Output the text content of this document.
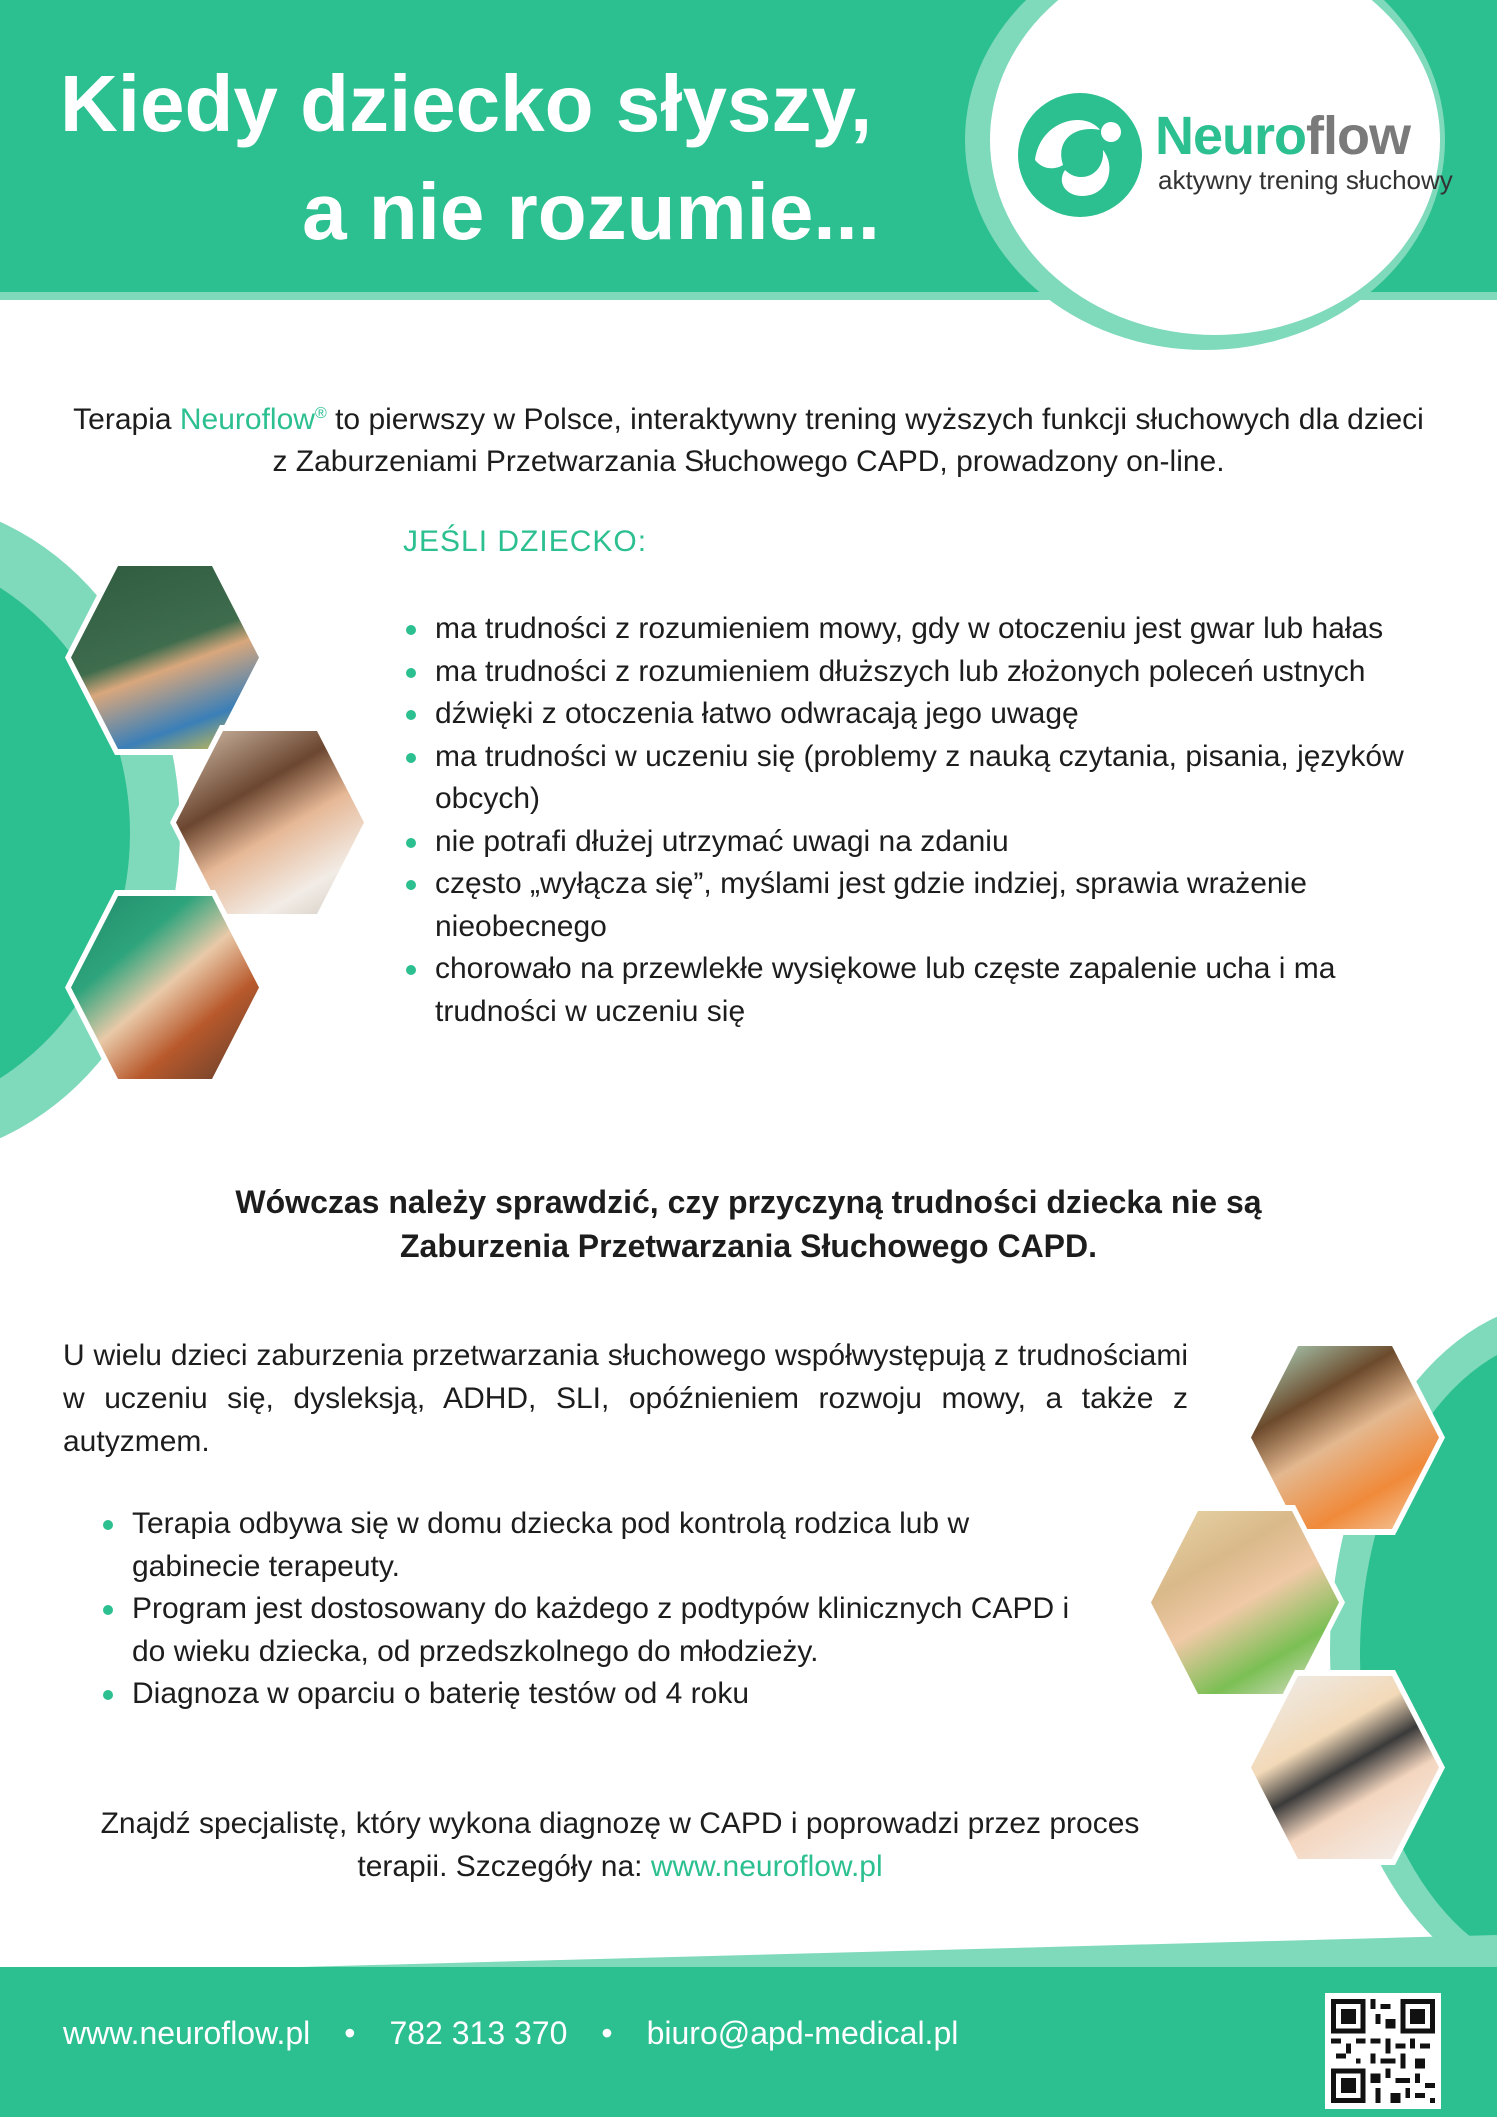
Kiedy dziecko słyszy,
a nie rozumie...
Neuroflow
aktywny trening słuchowy

Terapia Neuroflow® to pierwszy w Polsce, interaktywny trening wyższych funkcji słuchowych dla dzieci z Zaburzeniami Przetwarzania Słuchowego CAPD, prowadzony on-line.

JEŚLI DZIECKO:
ma trudności z rozumieniem mowy, gdy w otoczeniu jest gwar lub hałas
ma trudności z rozumieniem dłuższych lub złożonych poleceń ustnych
dźwięki z otoczenia łatwo odwracają jego uwagę
ma trudności w uczeniu się (problemy z nauką czytania, pisania, języków obcych)
nie potrafi dłużej utrzymać uwagi na zdaniu
często „wyłącza się”, myślami jest gdzie indziej, sprawia wrażenie nieobecnego
chorowało na przewlekłe wysiękowe lub częste zapalenie ucha i ma trudności w uczeniu się

Wówczas należy sprawdzić, czy przyczyną trudności dziecka nie są
Zaburzenia Przetwarzania Słuchowego CAPD.

U wielu dzieci zaburzenia przetwarzania słuchowego współwystępują z trudnościami w uczeniu się, dysleksją, ADHD, SLI, opóźnieniem rozwoju mowy, a także z autyzmem.

Terapia odbywa się w domu dziecka pod kontrolą rodzica lub w gabinecie terapeuty.
Program jest dostosowany do każdego z podtypów klinicznych CAPD i do wieku dziecka, od przedszkolnego do młodzieży.
Diagnoza w oparciu o baterię testów od 4 roku

Znajdź specjalistę, który wykona diagnozę w CAPD i poprowadzi przez proces terapii. Szczegóły na: www.neuroflow.pl

www.neuroflow.pl • 782 313 370 • biuro@apd-medical.pl
